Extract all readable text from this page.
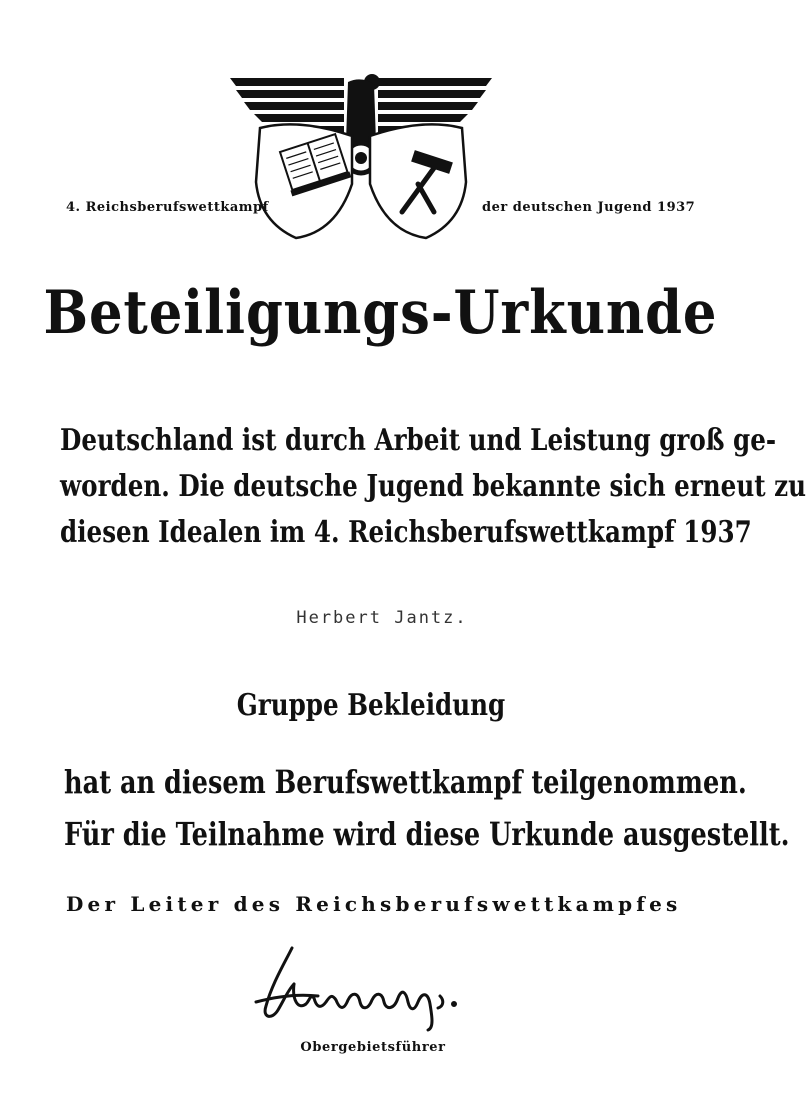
4. Reichsberufswettkampf	der deutschen Jugend 1937
Beteiligungs-Urkunde
Deutschland ist durch Arbeit und Leistung groß ge-
worden. Die deutsche Jugend bekannte sich erneut zu
diesen Idealen im 4. Reichsberufswettkampf 1937
Herbert Jantz.
Gruppe Bekleidung
hat an diesem Berufswettkampf teilgenommen.
Für die Teilnahme wird diese Urkunde ausgestellt.
Der Leiter des Reichsberufswettkampfes
Obergebietsführer
